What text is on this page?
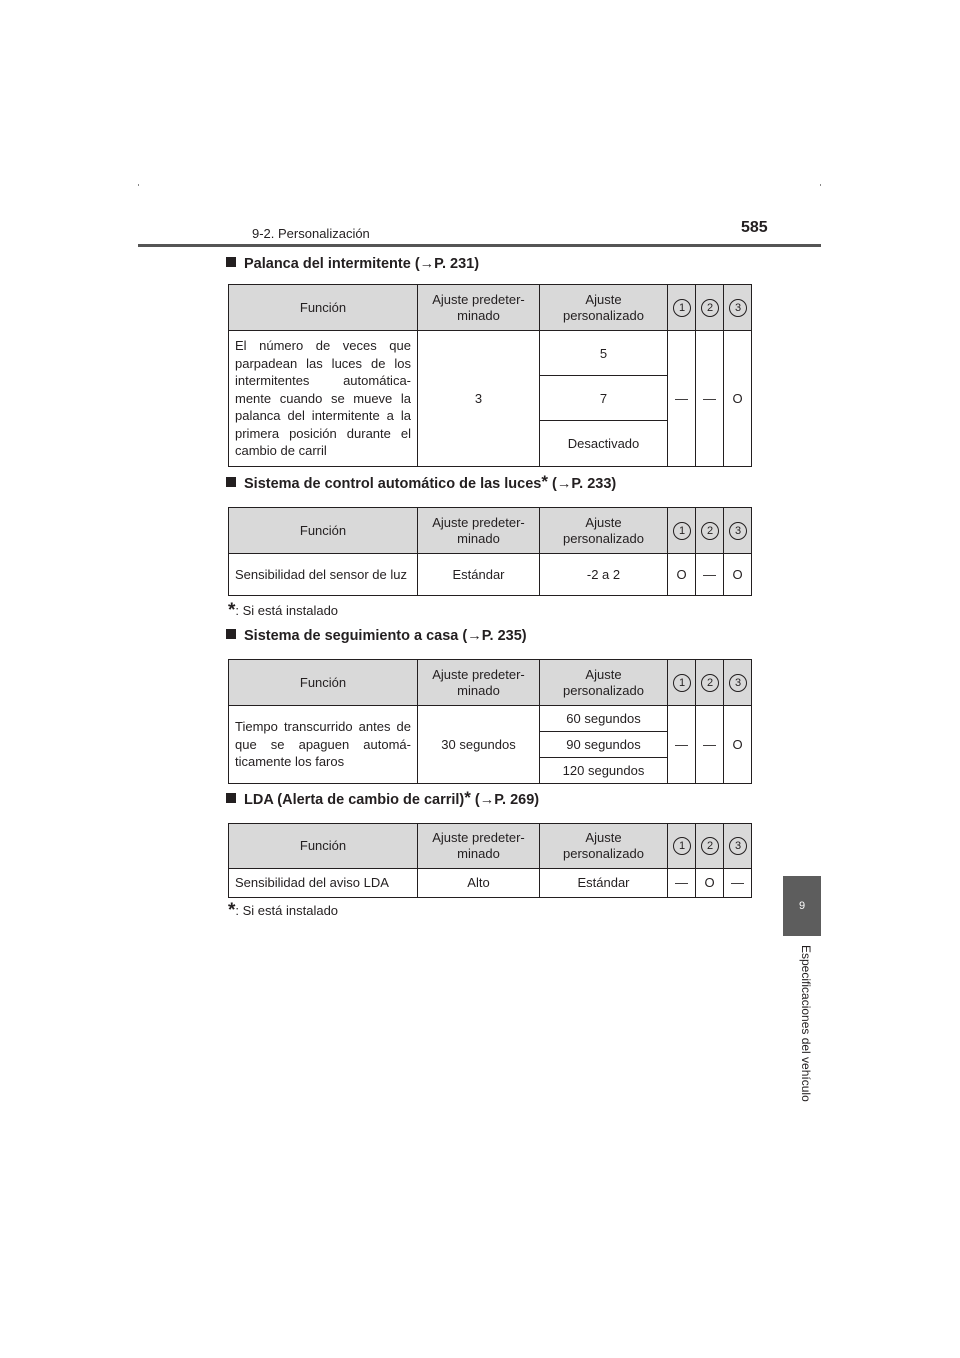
9-2. Personalización	585
9
Especificaciones del vehículo
Palanca del intermitente (→P. 231)
Función	Ajuste predeter-minado	Ajuste personalizado	1	2	3
El número de veces que parpadean las luces de los intermitentes automática-mente cuando se mueve la palanca del intermitente a la primera posición durante el cambio de carril	3	5	—	—	O
		7			
		Desactivado			
Sistema de control automático de las luces* (→P. 233)
Función	Ajuste predeter-minado	Ajuste personalizado	1	2	3
Sensibilidad del sensor de luz	Estándar	-2 a 2	O	—	O
*: Si está instalado
Sistema de seguimiento a casa (→P. 235)
Función	Ajuste predeter-minado	Ajuste personalizado	1	2	3
Tiempo transcurrido antes de que se apaguen automá-ticamente los faros	30 segundos	60 segundos	—	—	O
		90 segundos			
		120 segundos			
LDA (Alerta de cambio de carril)* (→P. 269)
Función	Ajuste predeter-minado	Ajuste personalizado	1	2	3
Sensibilidad del aviso LDA	Alto	Estándar	—	O	—
*: Si está instalado
